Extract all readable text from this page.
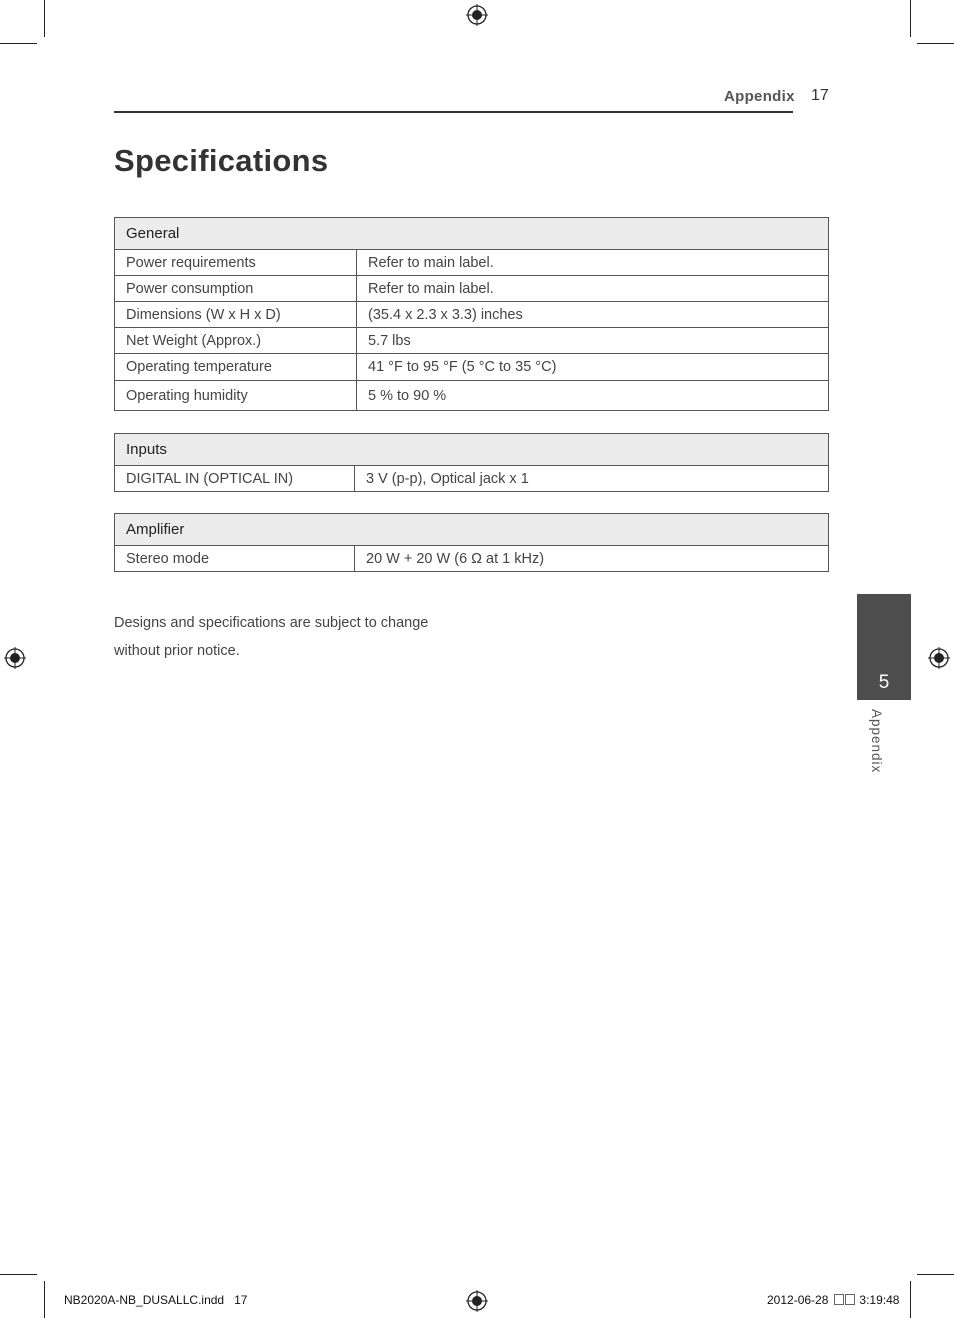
Appendix 17
Specifications
General	
Power requirements	Refer to main label.
Power consumption	Refer to main label.
Dimensions (W x H x D)	(35.4 x 2.3 x 3.3) inches
Net Weight (Approx.)	5.7 lbs
Operating temperature	41 °F to 95 °F (5 °C to 35 °C)
Operating humidity	5 % to 90 %
Inputs
DIGITAL IN (OPTICAL IN)	3 V (p-p), Optical jack x 1
Amplifier
Stereo mode	20 W + 20 W (6 Ω at 1 kHz)

Designs and specifications are subject to change
without prior notice.

5
Appendix
NB2020A-NB_DUSALLC.indd   17	2012-06-28	3:19:48
